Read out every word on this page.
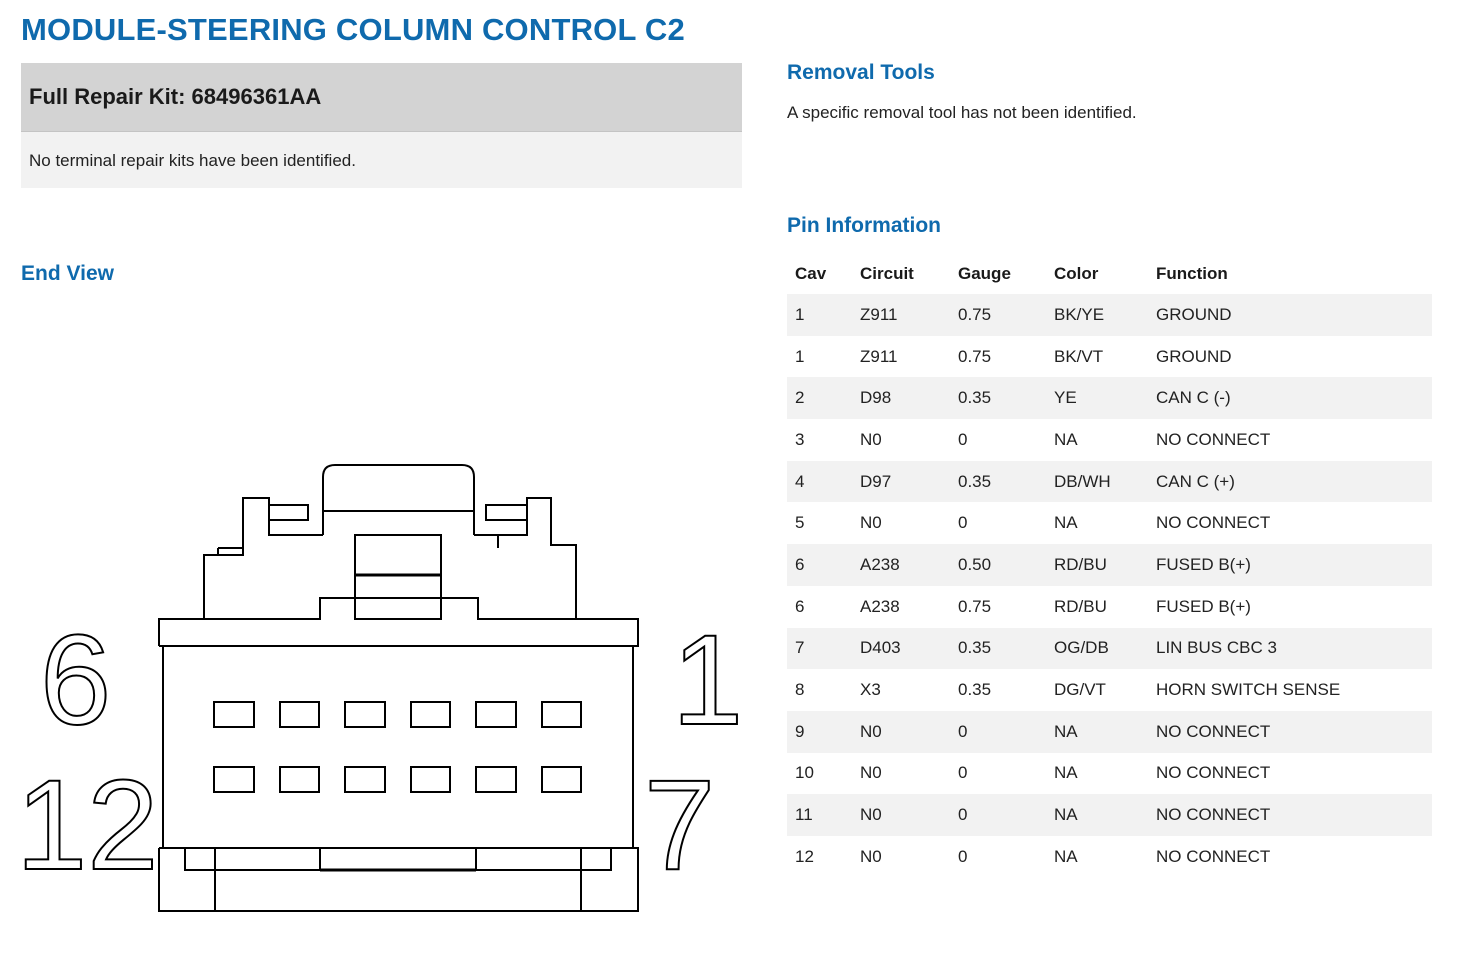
MODULE-STEERING COLUMN CONTROL C2
Full Repair Kit: 68496361AA
No terminal repair kits have been identified.
Removal Tools
A specific removal tool has not been identified.
End View
6
12
1
7
Pin Information
Cav	Circuit	Gauge	Color	Function
1	Z911	0.75	BK/YE	GROUND
1	Z911	0.75	BK/VT	GROUND
2	D98	0.35	YE	CAN C (-)
3	N0	0	NA	NO CONNECT
4	D97	0.35	DB/WH	CAN C (+)
5	N0	0	NA	NO CONNECT
6	A238	0.50	RD/BU	FUSED B(+)
6	A238	0.75	RD/BU	FUSED B(+)
7	D403	0.35	OG/DB	LIN BUS CBC 3
8	X3	0.35	DG/VT	HORN SWITCH SENSE
9	N0	0	NA	NO CONNECT
10	N0	0	NA	NO CONNECT
11	N0	0	NA	NO CONNECT
12	N0	0	NA	NO CONNECT
